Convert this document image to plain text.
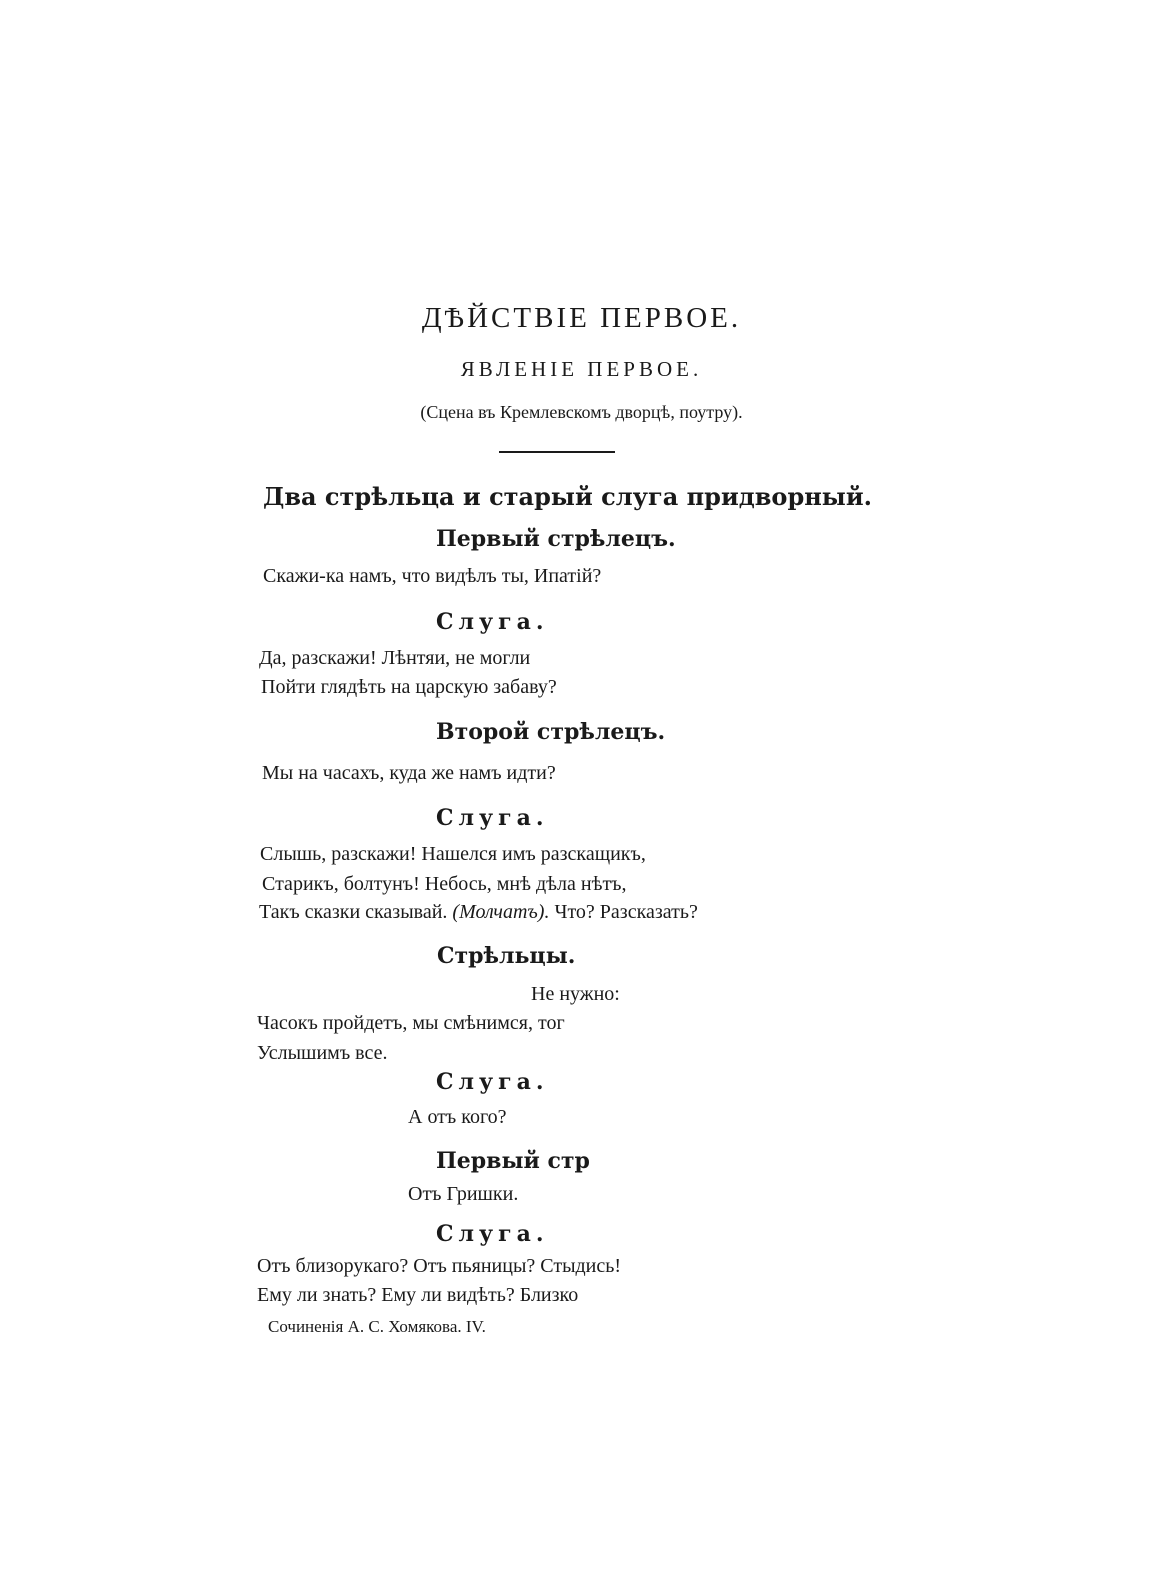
ДѢЙСТВІЕ ПЕРВОЕ.
ЯВЛЕНІЕ ПЕРВОЕ.
(Сцена въ Кремлевскомъ дворцѣ, поутру).
Два стрѣльца и старый слуга придворный.
Первый стрѣлецъ.
Скажи-ка намъ, что видѣлъ ты, Ипатій?
Слуга.
Да, разскажи! Лѣнтяи, не могли
Пойти глядѣть на царскую забаву?
Второй стрѣлецъ.
Мы на часахъ, куда же намъ идти?
Слуга.
Слышь, разскажи! Нашелся имъ разскащикъ,
Старикъ, болтунъ! Небось, мнѣ дѣла нѣтъ,
Такъ сказки сказывай. (Молчатъ). Что? Разсказать?
Стрѣльцы.
Не нужно:
Часокъ пройдетъ, мы смѣнимся, тог
Услышимъ все.
Слуга.
А отъ кого?
Первый стр
Отъ Гришки.
Слуга.
Отъ близорукаго? Отъ пьяницы? Стыдись!
Ему ли знать? Ему ли видѣть? Близко
Сочиненія А. С. Хомякова. IV.
